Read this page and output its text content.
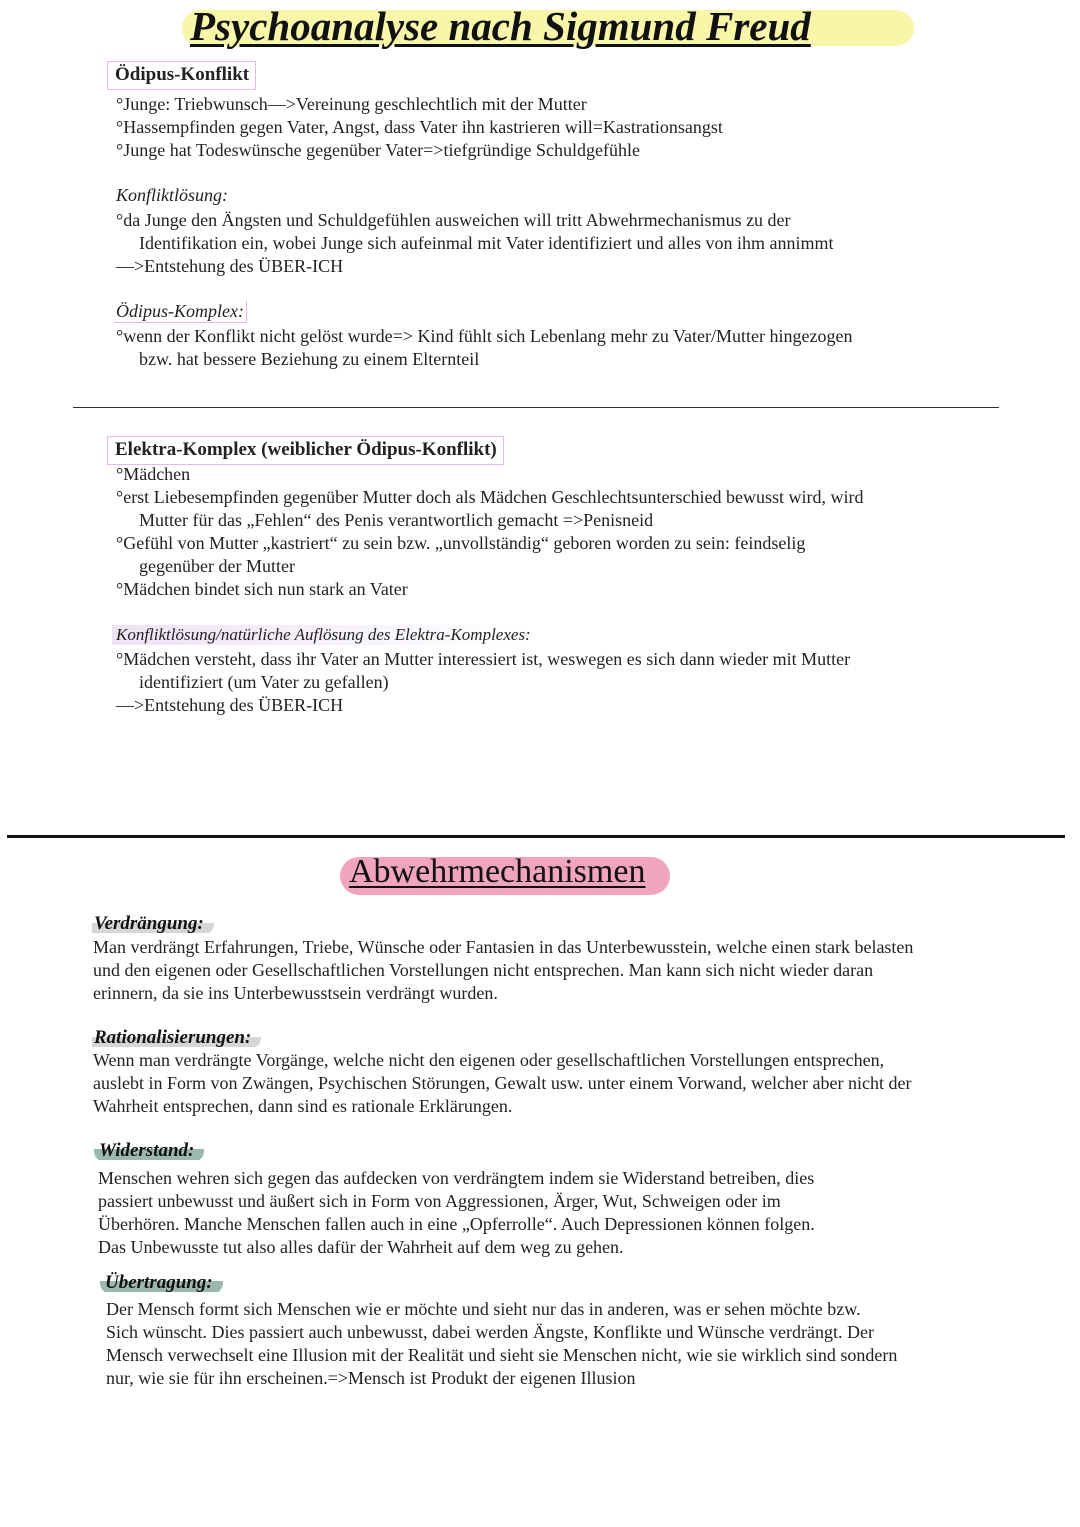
Psychoanalyse nach Sigmund Freud
Ödipus-Konflikt
°Junge: Triebwunsch—>Vereinung geschlechtlich mit der Mutter
°Hassempfinden gegen Vater, Angst, dass Vater ihn kastrieren will=Kastrationsangst
°Junge hat Todeswünsche gegenüber Vater=>tiefgründige Schuldgefühle
Konfliktlösung:
°da Junge den Ängsten und Schuldgefühlen ausweichen will tritt Abwehrmechanismus zu der
Identifikation ein, wobei Junge sich aufeinmal mit Vater identifiziert und alles von ihm annimmt
—>Entstehung des ÜBER-ICH
Ödipus-Komplex:
°wenn der Konflikt nicht gelöst wurde=> Kind fühlt sich Lebenlang mehr zu Vater/Mutter hingezogen
bzw. hat bessere Beziehung zu einem Elternteil
Elektra-Komplex (weiblicher Ödipus-Konflikt)
°Mädchen
°erst Liebesempfinden gegenüber Mutter doch als Mädchen Geschlechtsunterschied bewusst wird, wird
Mutter für das „Fehlen“ des Penis verantwortlich gemacht =>Penisneid
°Gefühl von Mutter „kastriert“ zu sein bzw. „unvollständig“ geboren worden zu sein: feindselig
gegenüber der Mutter
°Mädchen bindet sich nun stark an Vater
Konfliktlösung/natürliche Auflösung des Elektra-Komplexes:
°Mädchen versteht, dass ihr Vater an Mutter interessiert ist, weswegen es sich dann wieder mit Mutter
identifiziert (um Vater zu gefallen)
—>Entstehung des ÜBER-ICH
Abwehrmechanismen
Verdrängung:
Man verdrängt Erfahrungen, Triebe, Wünsche oder Fantasien in das Unterbewusstein, welche einen stark belasten
und den eigenen oder Gesellschaftlichen Vorstellungen nicht entsprechen. Man kann sich nicht wieder daran
erinnern, da sie ins Unterbewusstsein verdrängt wurden.
Rationalisierungen:
Wenn man verdrängte Vorgänge, welche nicht den eigenen oder gesellschaftlichen Vorstellungen entsprechen,
auslebt in Form von Zwängen, Psychischen Störungen, Gewalt usw. unter einem Vorwand, welcher aber nicht der
Wahrheit entsprechen, dann sind es rationale Erklärungen.
Widerstand:
Menschen wehren sich gegen das aufdecken von verdrängtem indem sie Widerstand betreiben, dies
passiert unbewusst und äußert sich in Form von Aggressionen, Ärger, Wut, Schweigen oder im
Überhören. Manche Menschen fallen auch in eine „Opferrolle“. Auch Depressionen können folgen.
Das Unbewusste tut also alles dafür der Wahrheit auf dem weg zu gehen.
Übertragung:
Der Mensch formt sich Menschen wie er möchte und sieht nur das in anderen, was er sehen möchte bzw.
Sich wünscht. Dies passiert auch unbewusst, dabei werden Ängste, Konflikte und Wünsche verdrängt. Der
Mensch verwechselt eine Illusion mit der Realität und sieht sie Menschen nicht, wie sie wirklich sind sondern
nur, wie sie für ihn erscheinen.=>Mensch ist Produkt der eigenen Illusion
